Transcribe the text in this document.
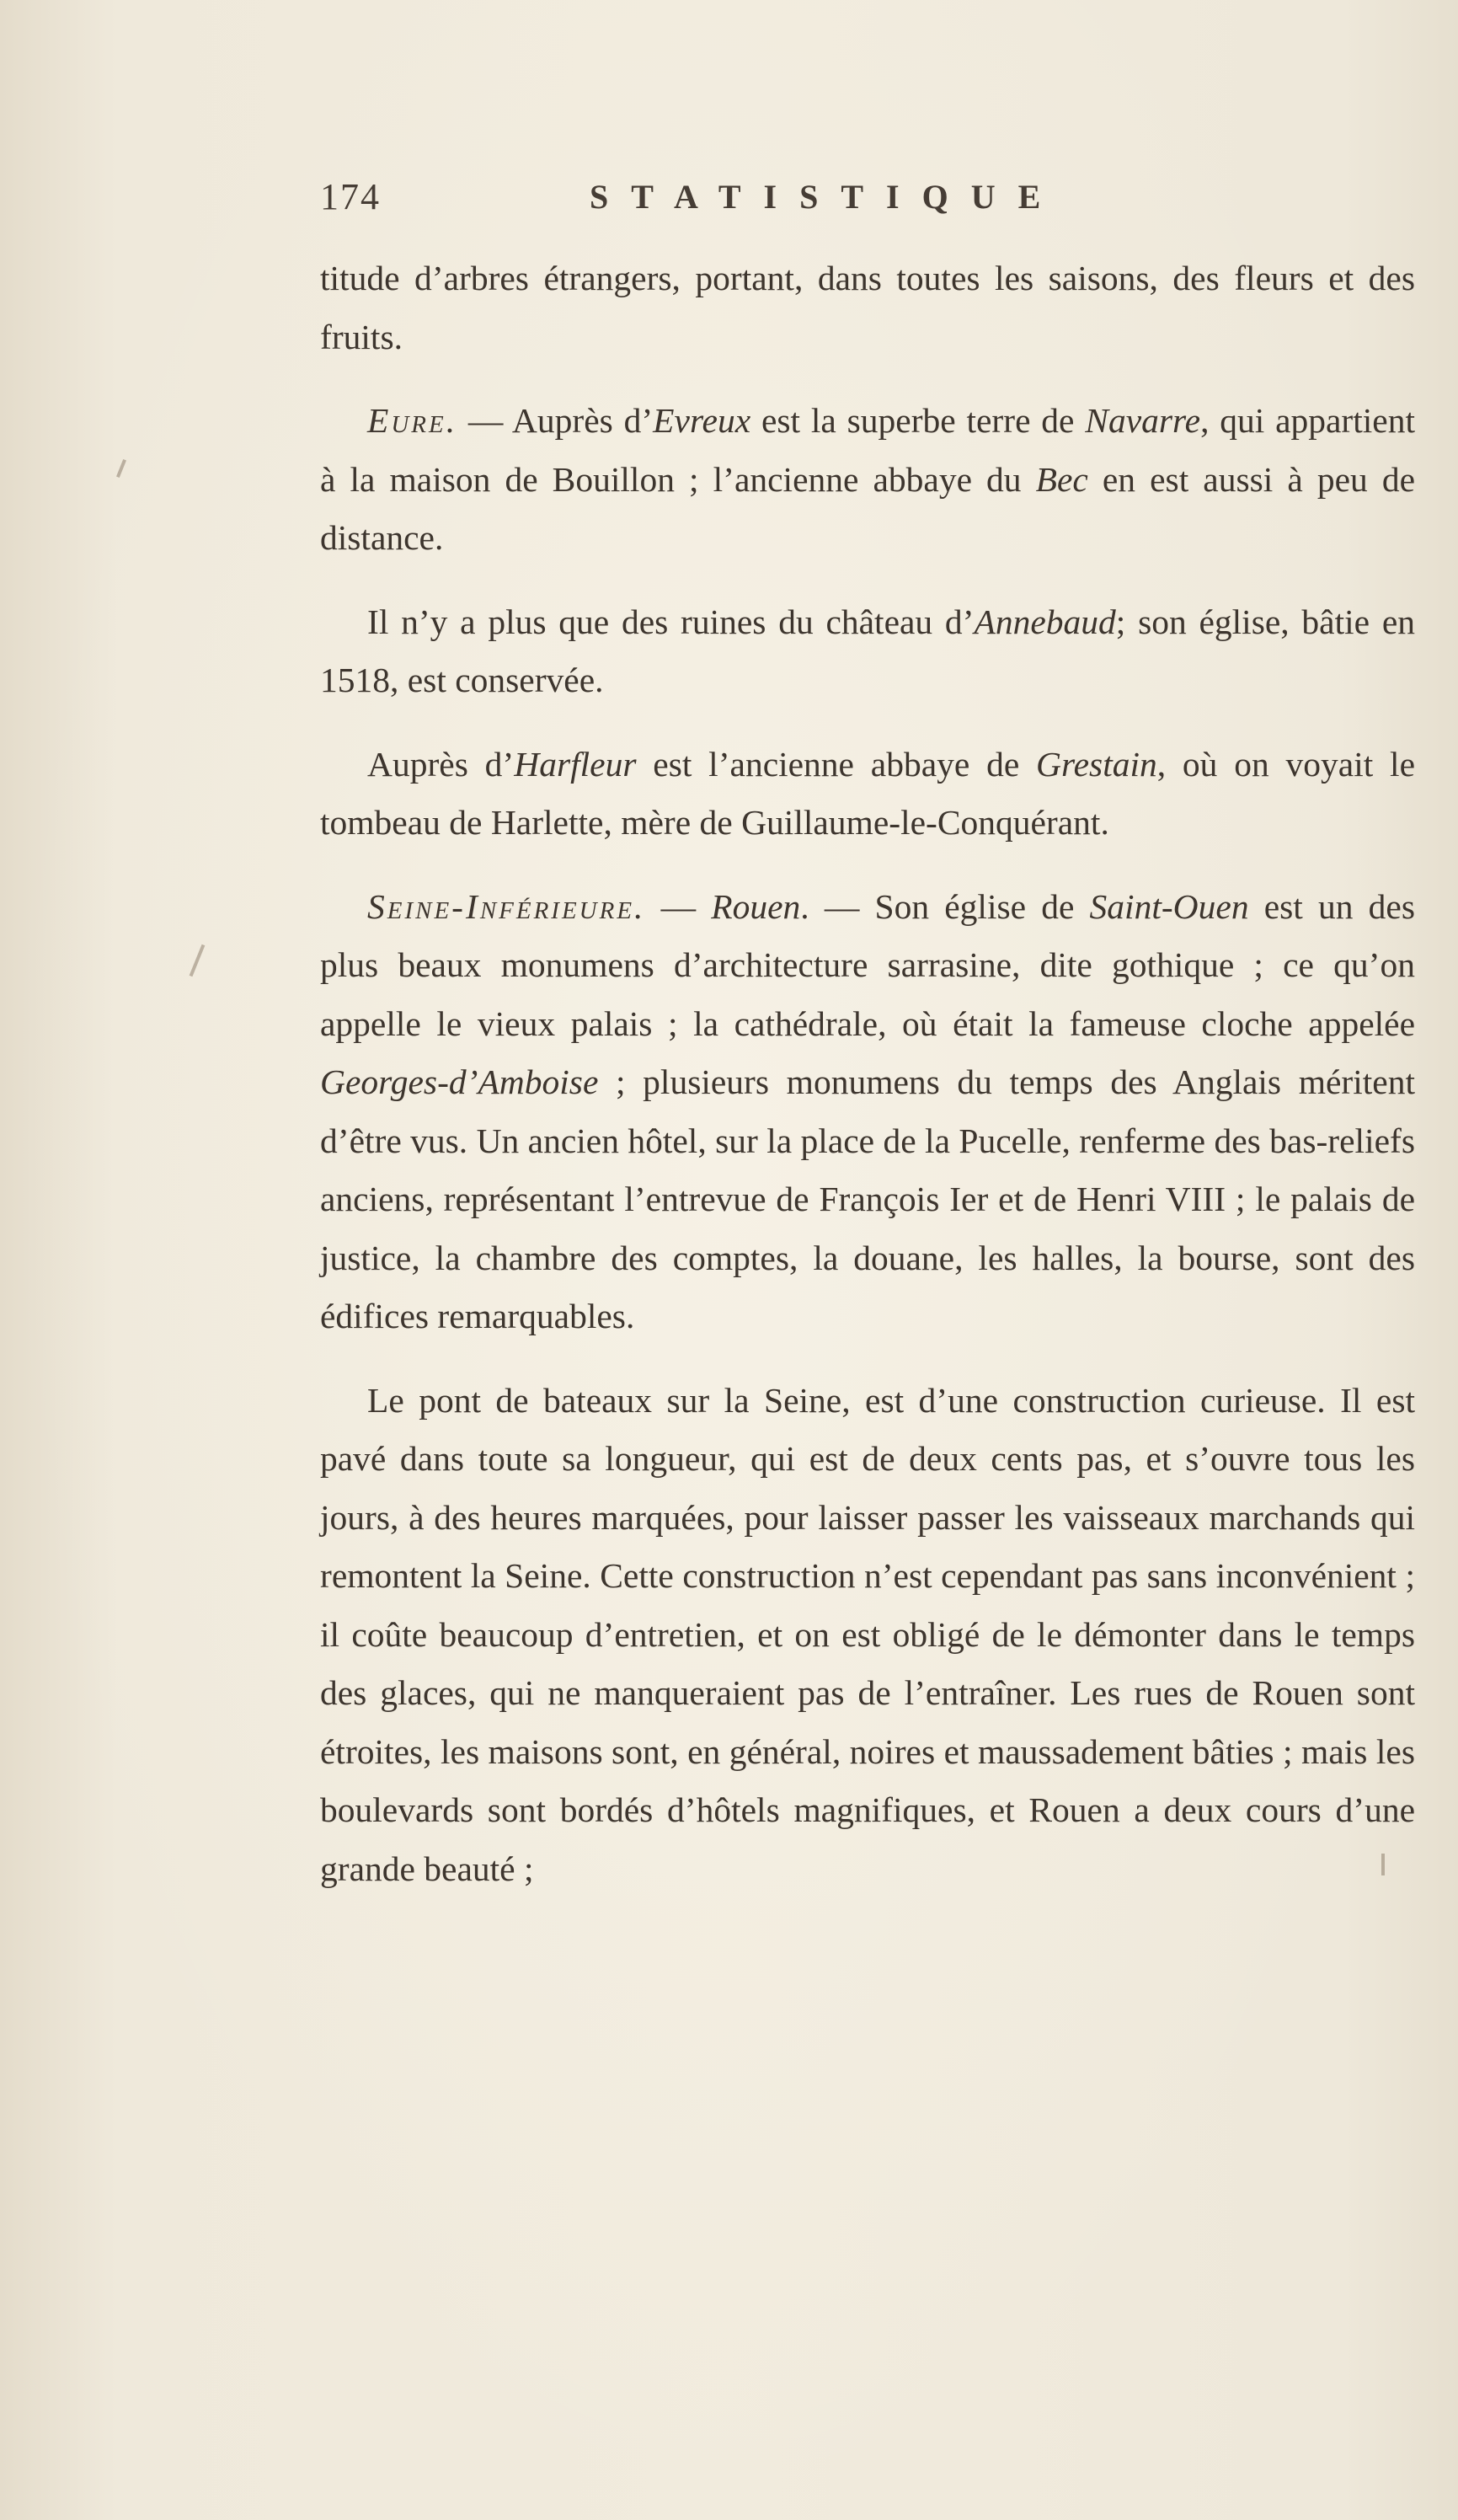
174	STATISTIQUE

titude d’arbres étrangers, portant, dans toutes les saisons, des fleurs et des fruits.

Eure. — Auprès d’Evreux est la superbe terre de Navarre, qui appartient à la maison de Bouillon ; l’ancienne abbaye du Bec en est aussi à peu de distance.

Il n’y a plus que des ruines du château d’Annebaud; son église, bâtie en 1518, est conservée.

Auprès d’Harfleur est l’ancienne abbaye de Grestain, où on voyait le tombeau de Harlette, mère de Guillaume-le-Conquérant.

Seine-Inférieure. — Rouen. — Son église de Saint-Ouen est un des plus beaux monumens d’architecture sarrasine, dite gothique ; ce qu’on appelle le vieux palais ; la cathédrale, où était la fameuse cloche appelée Georges-d’Amboise ; plusieurs monumens du temps des Anglais méritent d’être vus. Un ancien hôtel, sur la place de la Pucelle, renferme des bas-reliefs anciens, représentant l’entrevue de François Ier et de Henri VIII ; le palais de justice, la chambre des comptes, la douane, les halles, la bourse, sont des édifices remarquables.

Le pont de bateaux sur la Seine, est d’une construction curieuse. Il est pavé dans toute sa longueur, qui est de deux cents pas, et s’ouvre tous les jours, à des heures marquées, pour laisser passer les vaisseaux marchands qui remontent la Seine. Cette construction n’est cependant pas sans inconvénient ; il coûte beaucoup d’entretien, et on est obligé de le démonter dans le temps des glaces, qui ne manqueraient pas de l’entraîner. Les rues de Rouen sont étroites, les maisons sont, en général, noires et maussadement bâties ; mais les boulevards sont bordés d’hôtels magnifiques, et Rouen a deux cours d’une grande beauté ;
